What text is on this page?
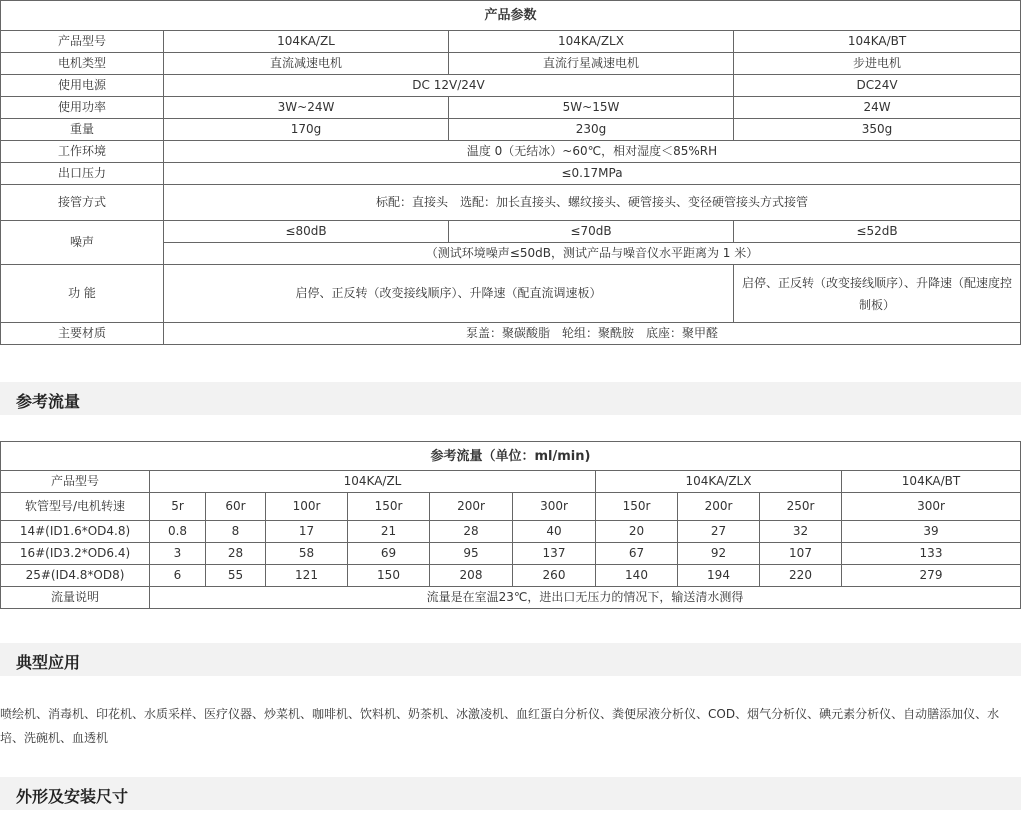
产品参数			
产品型号	104KA/ZL	104KA/ZLX	104KA/BT
电机类型	直流减速电机	直流行星减速电机	步进电机
使用电源	DC 12V/24V		DC24V
使用功率	3W~24W	5W~15W	24W
重量	170g	230g	350g
工作环境	温度 0（无结冰）~60℃，相对湿度＜85%RH		
出口压力	≤0.17MPa		
接管方式	标配：直接头　选配：加长直接头、螺纹接头、硬管接头、变径硬管接头方式接管		
噪声	≤80dB	≤70dB	≤52dB
	（测试环境噪声≤50dB，测试产品与噪音仪水平距离为 1 米）		
功 能	启停、正反转（改变接线顺序）、升降速（配直流调速板）		启停、正反转（改变接线顺序）、升降速（配速度控制板）
主要材质	泵盖：聚碳酸脂　轮组：聚酰胺　底座：聚甲醛		
参考流量
参考流量（单位：ml/min)										
产品型号	104KA/ZL						104KA/ZLX			104KA/BT
软管型号/电机转速	5r	60r	100r	150r	200r	300r	150r	200r	250r	300r
14#(ID1.6*OD4.8)	0.8	8	17	21	28	40	20	27	32	39
16#(ID3.2*OD6.4)	3	28	58	69	95	137	67	92	107	133
25#(ID4.8*OD8)	6	55	121	150	208	260	140	194	220	279
流量说明	流量是在室温23℃，进出口无压力的情况下，输送清水测得									
典型应用
喷绘机、消毒机、印花机、水质采样、医疗仪器、炒菜机、咖啡机、饮料机、奶茶机、冰激凌机、血红蛋白分析仪、粪便尿液分析仪、COD、烟气分析仪、碘元素分析仪、自动膳添加仪、水培、洗碗机、血透机
外形及安装尺寸
